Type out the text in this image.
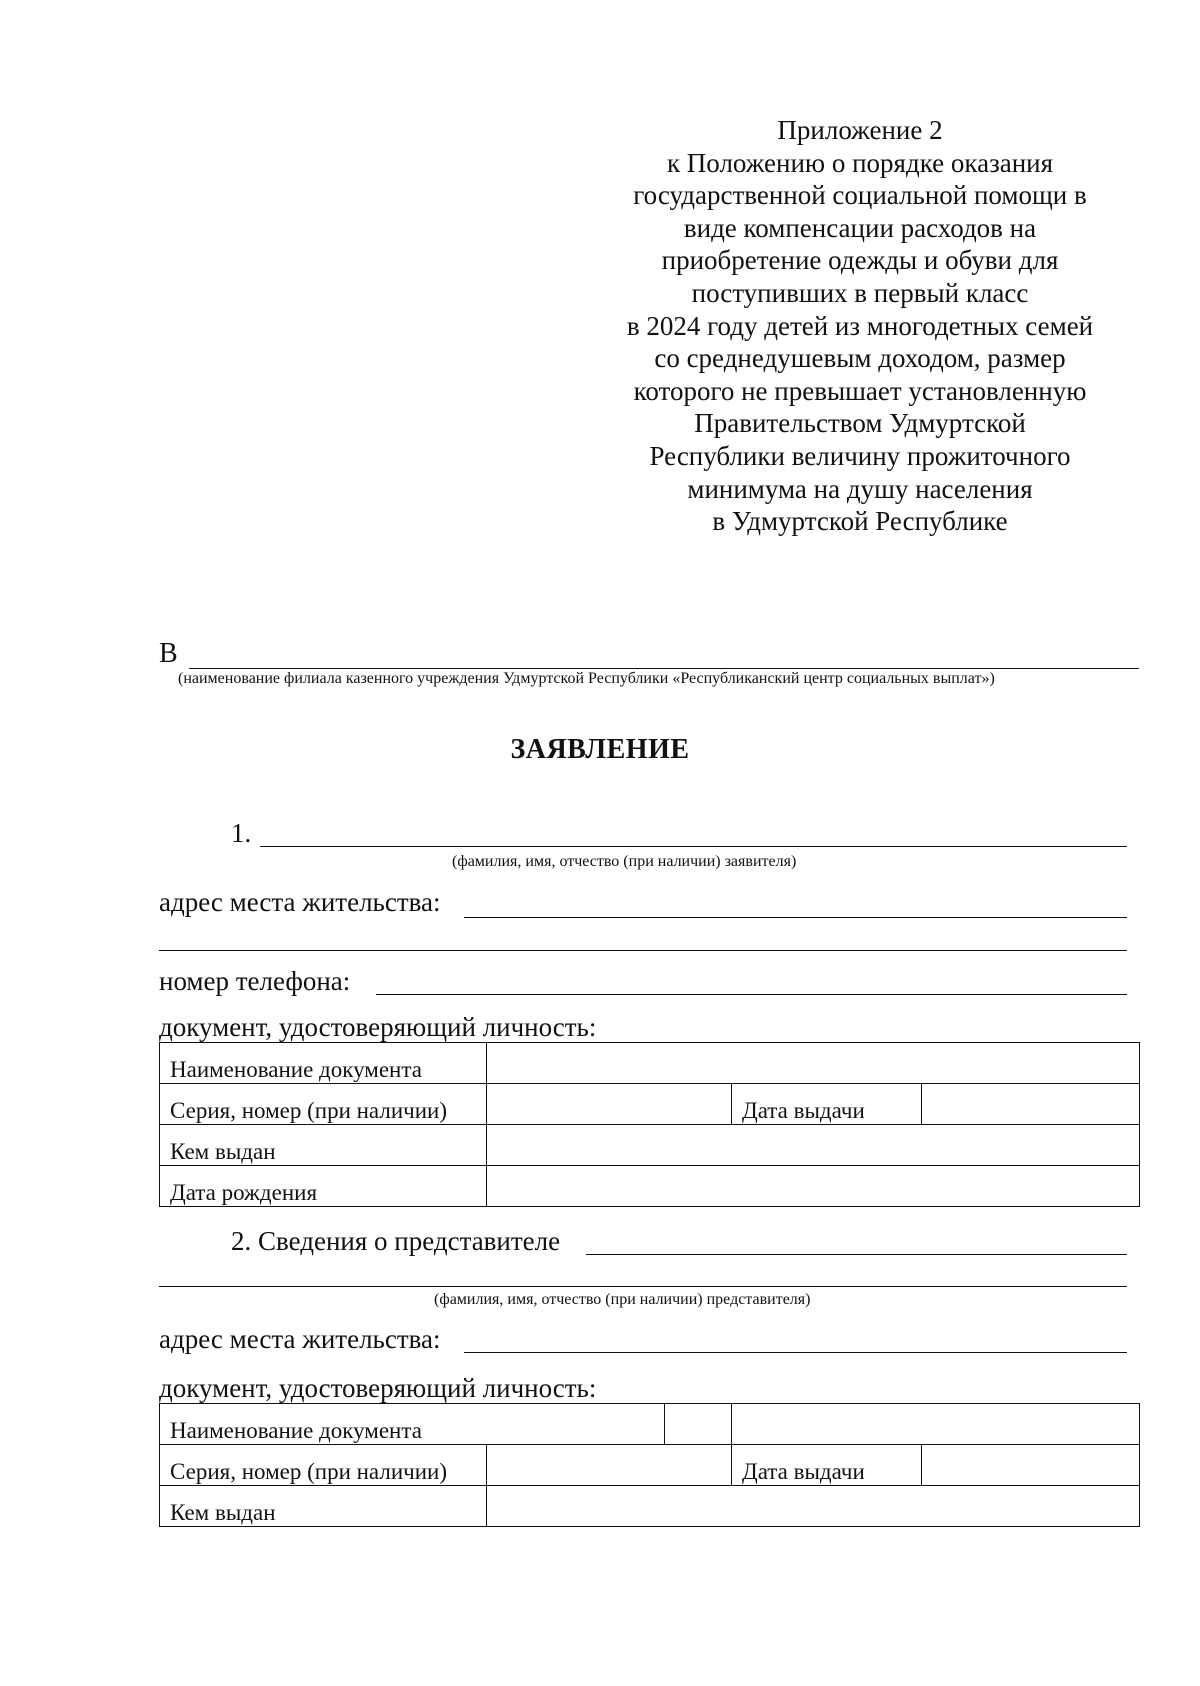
Приложение 2
к Положению о порядке оказания
государственной социальной помощи в
виде компенсации расходов на
приобретение одежды и обуви для
поступивших в первый класс
в 2024 году детей из многодетных семей
со среднедушевым доходом, размер
которого не превышает установленную
Правительством Удмуртской
Республики величину прожиточного
минимума на душу населения
в Удмуртской Республике
В
(наименование филиала казенного учреждения Удмуртской Республики «Республиканский центр социальных выплат»)
ЗАЯВЛЕНИЕ
1.
(фамилия, имя, отчество (при наличии) заявителя)
адрес места жительства:
номер телефона:
документ, удостоверяющий личность:
Наименование документа			
Серия, номер (при наличии)		Дата выдачи	
Кем выдан			
Дата рождения			
2. Сведения о представителе
(фамилия, имя, отчество (при наличии) представителя)
адрес места жительства:
документ, удостоверяющий личность:
Наименование документа			

Серия, номер (при наличии)		Дата выдачи	
Кем выдан			
